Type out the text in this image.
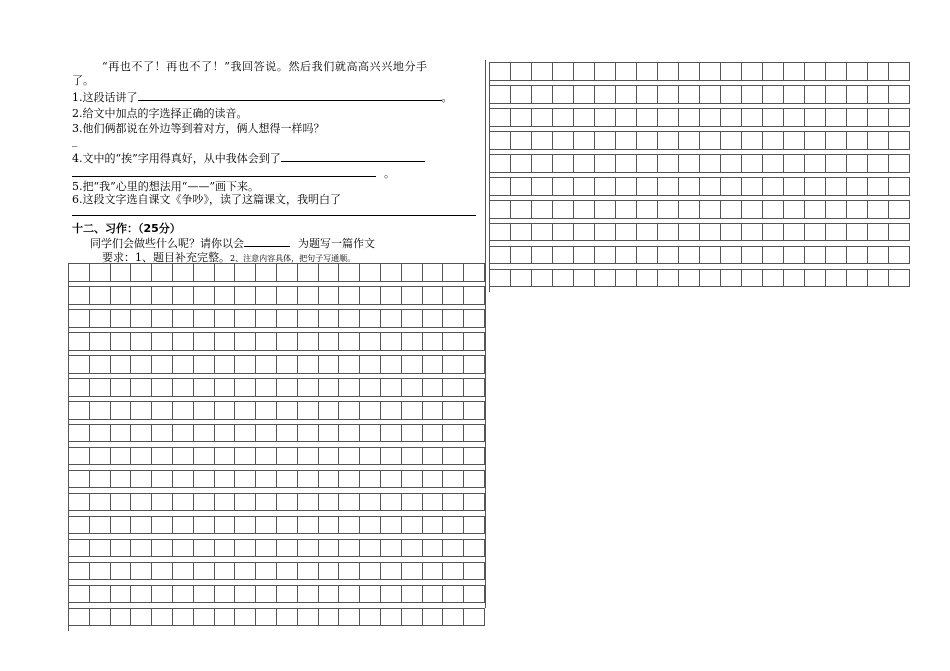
“再也不了！再也不了！”我回答说。然后我们就高高兴兴地分手
了。
1.这段话讲了	。
2.给文中加点的字选择正确的读音。
3.他们俩都说在外边等到着对方，俩人想得一样吗？
_
4.文中的“挨”字用得真好，从中我体会到了
。
5.把“我”心里的想法用“——”画下来。
6.这段文字选自课文《争吵》，读了这篇课文，我明白了
十二、习作：（25分）
同学们会做些什么呢？请你以会	为题写一篇作文
要求：1、题目补充完整。2、注意内容具体，把句子写通顺。
